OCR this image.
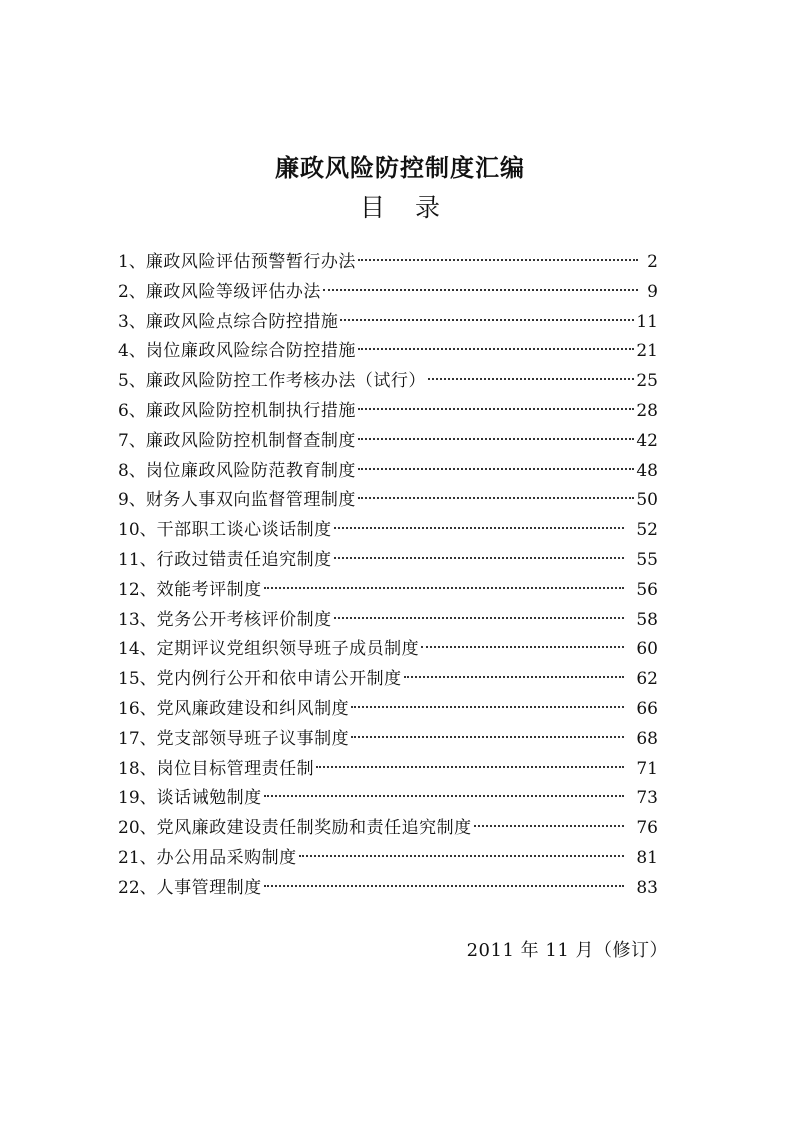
廉政风险防控制度汇编
目 录
1、 廉政风险评估预警暂行办法	2
2、 廉政风险等级评估办法	9
3、 廉政风险点综合防控措施	11
4、 岗位廉政风险综合防控措施	21
5、 廉政风险防控工作考核办法（试行）	25
6、 廉政风险防控机制执行措施	28
7、 廉政风险防控机制督查制度	42
8、 岗位廉政风险防范教育制度	48
9、 财务人事双向监督管理制度	50
10、 干部职工谈心谈话制度	52
11、 行政过错责任追究制度	55
12、 效能考评制度	56
13、 党务公开考核评价制度	58
14、 定期评议党组织领导班子成员制度	60
15、 党内例行公开和依申请公开制度	62
16、 党风廉政建设和纠风制度	66
17、 党支部领导班子议事制度	68
18、 岗位目标管理责任制	71
19、 谈话诫勉制度	73
20、 党风廉政建设责任制奖励和责任追究制度	76
21、 办公用品采购制度	81
22、 人事管理制度	83
2011 年 11 月（修订）
